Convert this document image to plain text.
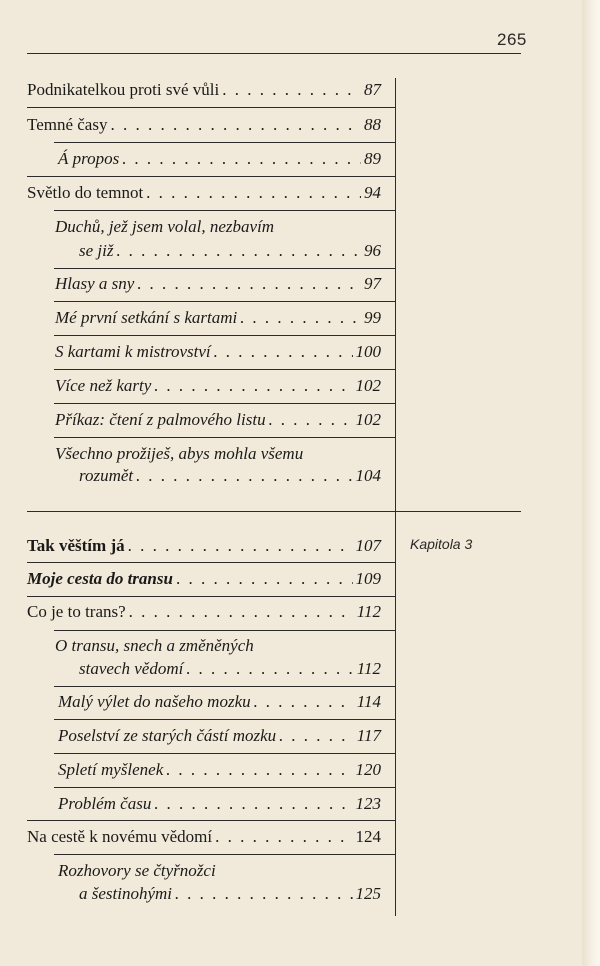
265
Kapitola 3
Podnikatelkou proti své vůli . . .	87
Temné časy . . .	88
Á propos . . .	89
Světlo do temnot . . .	94
Duchů, jež jsem volal, nezbavím
se již . . .	96
Hlasy a sny . . .	97
Mé první setkání s kartami . . .	99
S kartami k mistrovství . . .	100
Více než karty . . .	102
Příkaz: čtení z palmového listu . . .	102
Všechno prožiješ, abys mohla všemu
rozumět . . .	104
Tak věštím já . . .	107
Moje cesta do transu . . .	109
Co je to trans? . . .	112
O transu, snech a změněných
stavech vědomí . . .	112
Malý výlet do našeho mozku . . .	114
Poselství ze starých částí mozku . . .	117
Spletí myšlenek . . .	120
Problém času . . .	123
Na cestě k novému vědomí . . .	124
Rozhovory se čtyřnožci
a šestinohými . . .	125
